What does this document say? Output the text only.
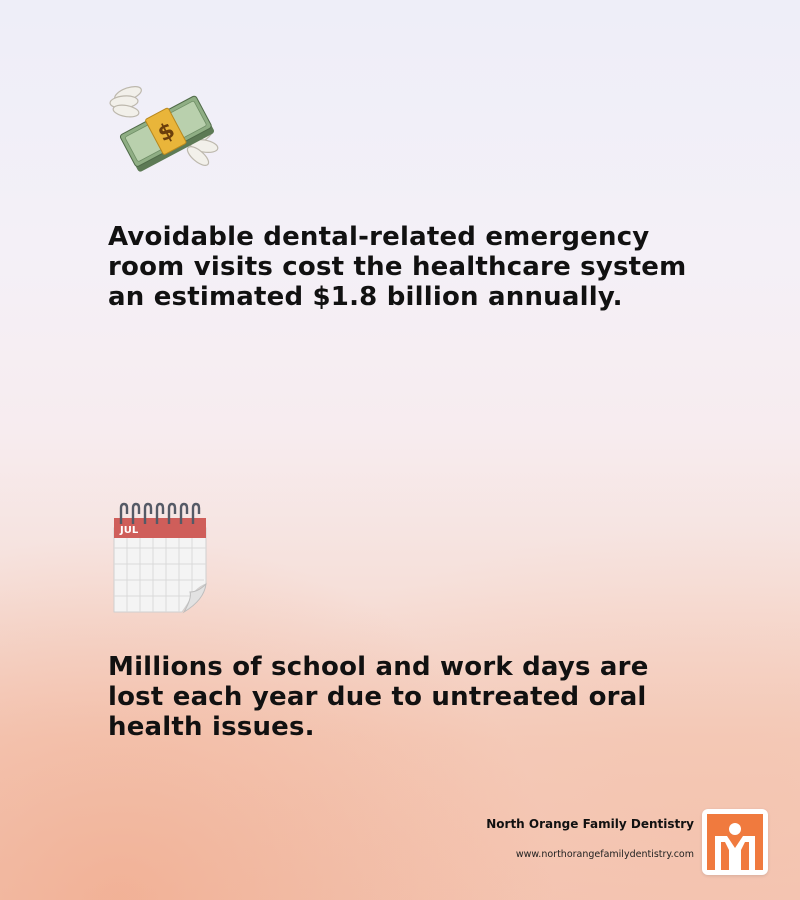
$

Avoidable dental-related emergency room visits cost the healthcare system an estimated $1.8 billion annually.

JUL

Millions of school and work days are lost each year due to untreated oral health issues.

North Orange Family Dentistry
www.northorangefamilydentistry.com
